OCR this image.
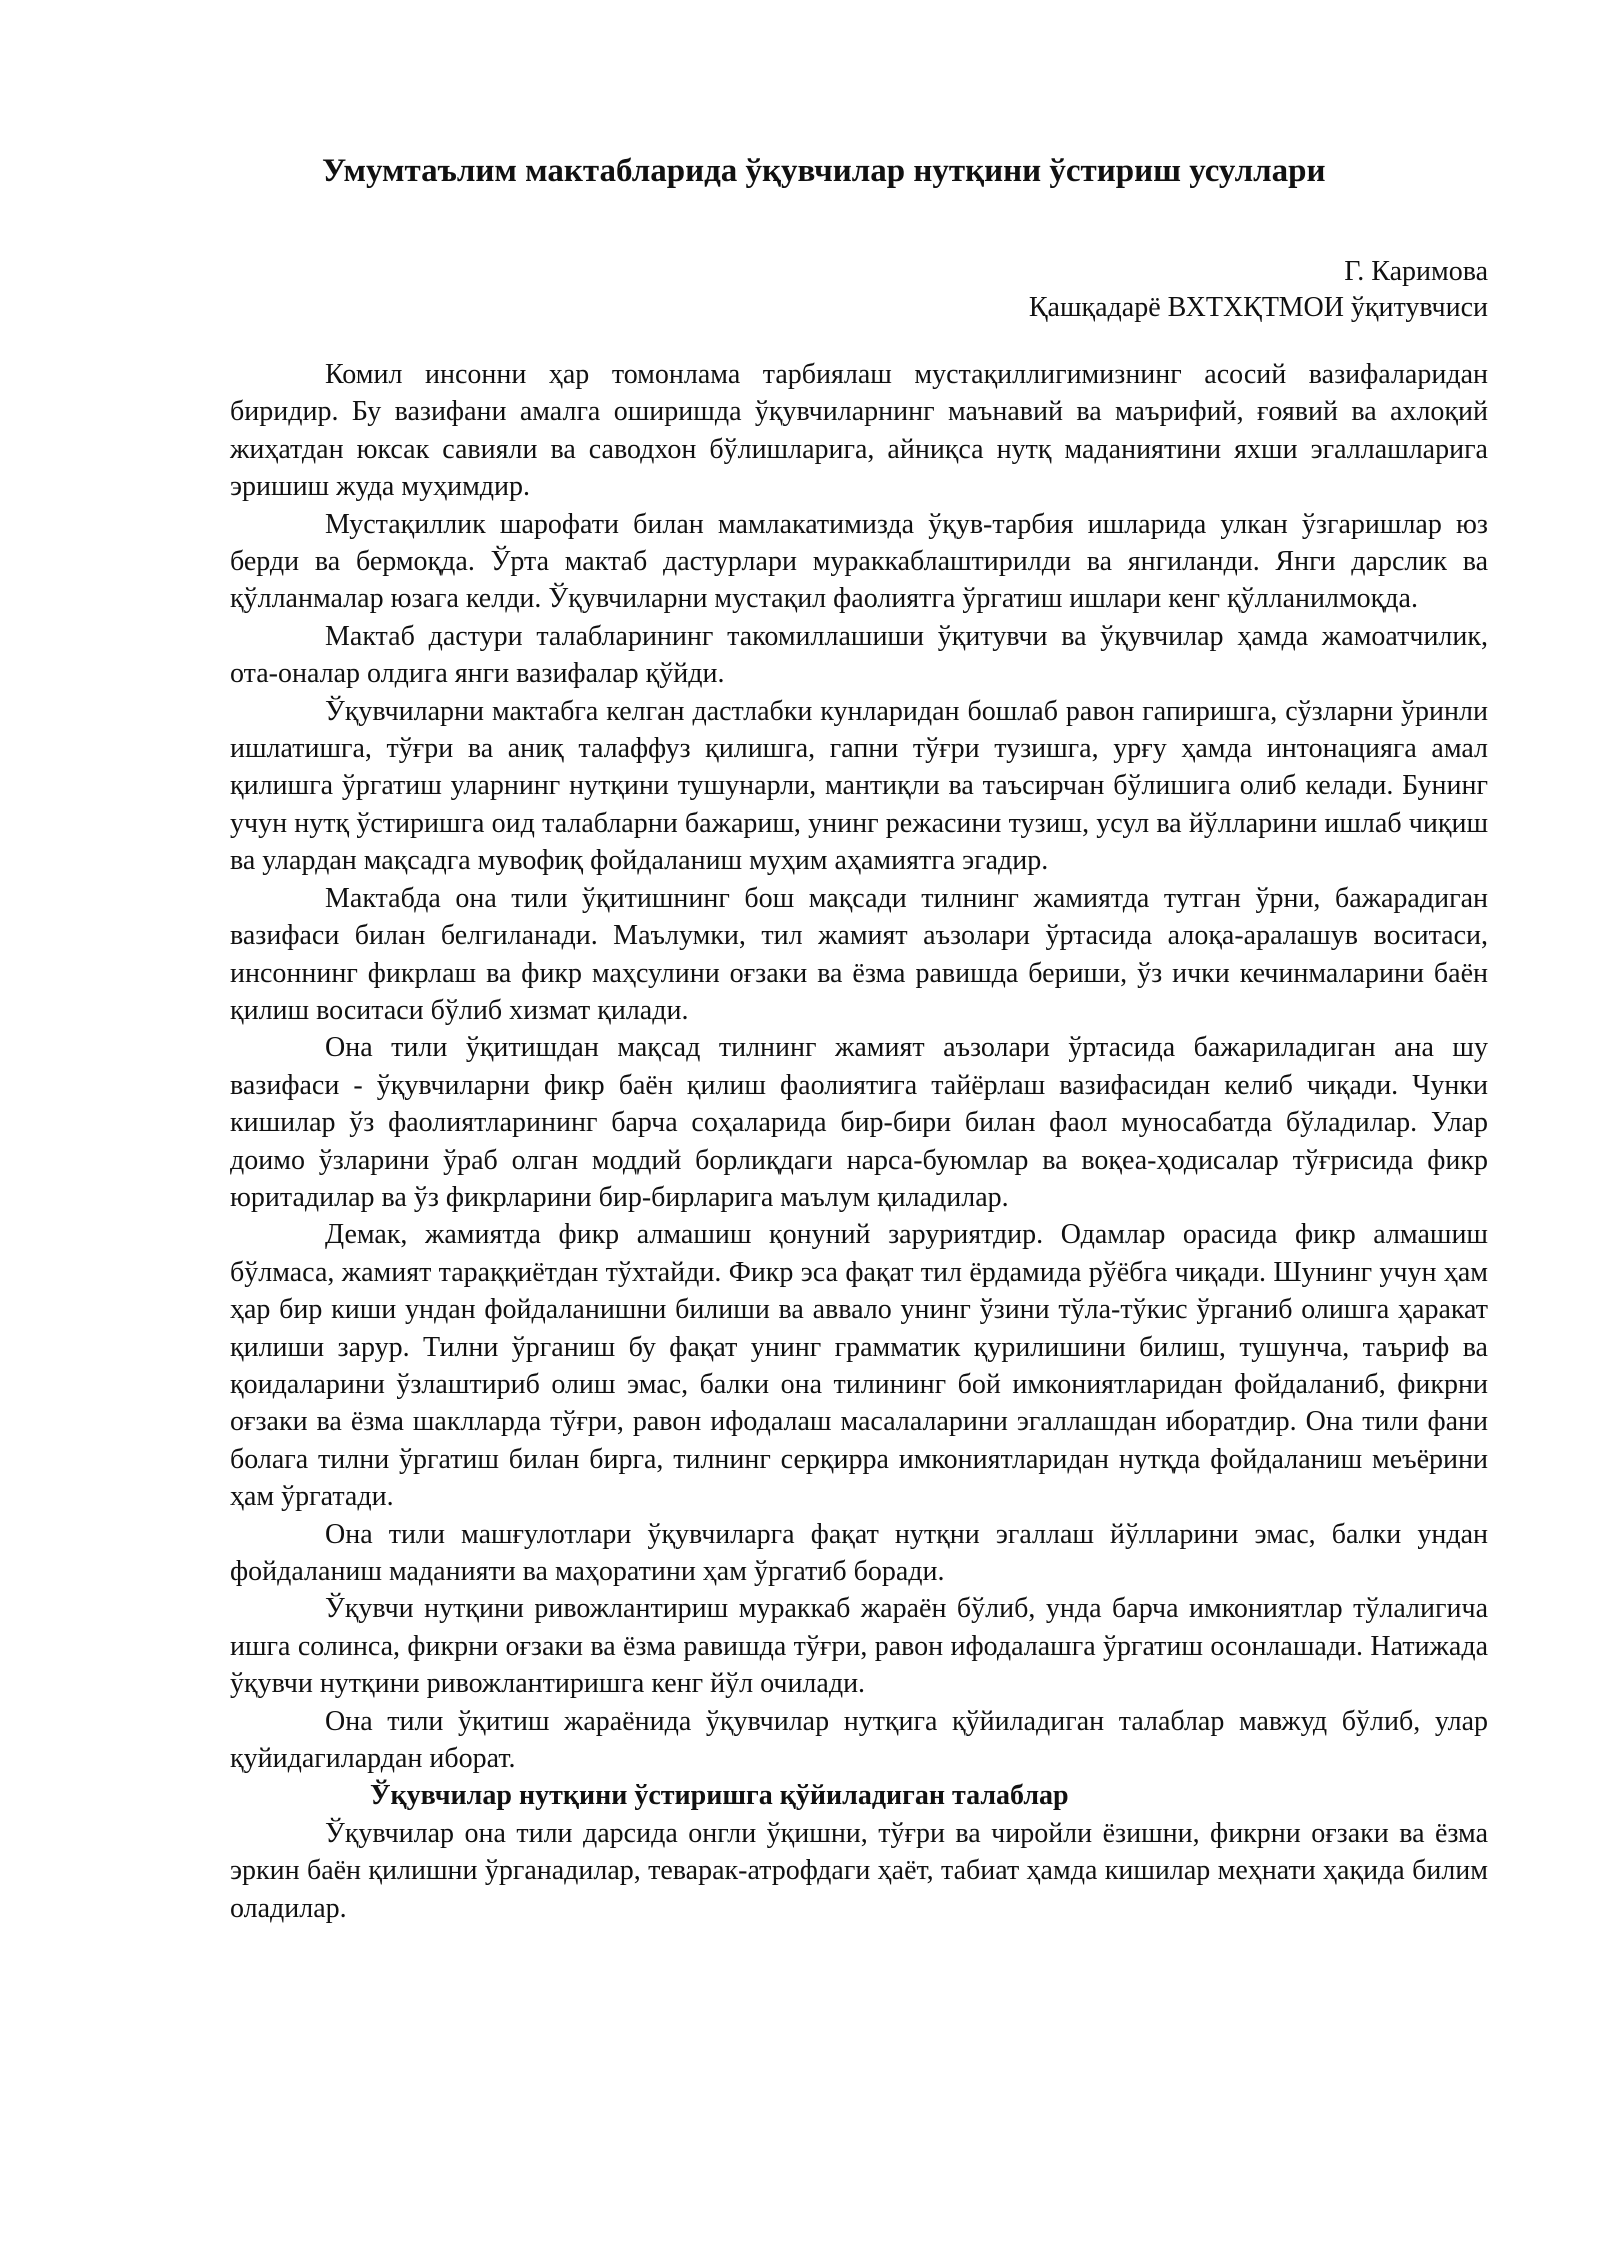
Умумтаълим мактабларида ўқувчилар нутқини ўстириш усуллари
Г. Каримова
Қашқадарё ВХТХҚТМОИ ўқитувчиси

Комил инсонни ҳар томонлама тарбиялаш мустақиллигимизнинг асосий вазифаларидан биридир. Бу вазифани амалга оширишда ўқувчиларнинг маънавий ва маърифий, ғоявий ва ахлоқий жиҳатдан юксак савияли ва саводхон бўлишларига, айниқса нутқ маданиятини яхши эгаллашларига эришиш жуда муҳимдир.

Мустақиллик шарофати билан мамлакатимизда ўқув-тарбия ишларида улкан ўзгаришлар юз берди ва бермоқда. Ўрта мактаб дастурлари мураккаблаштирилди ва янгиланди. Янги дарслик ва қўлланмалар юзага келди. Ўқувчиларни мустақил фаолиятга ўргатиш ишлари кенг қўлланилмоқда.

Мактаб дастури талабларининг такомиллашиши ўқитувчи ва ўқувчилар ҳамда жамоатчилик, ота-оналар олдига янги вазифалар қўйди.

Ўқувчиларни мактабга келган дастлабки кунларидан бошлаб равон гапиришга, сўзларни ўринли ишлатишга, тўғри ва аниқ талаффуз қилишга, гапни тўғри тузишга, урғу ҳамда интонацияга амал қилишга ўргатиш уларнинг нутқини тушунарли, мантиқли ва таъсирчан бўлишига олиб келади. Бунинг учун нутқ ўстиришга оид талабларни бажариш, унинг режасини тузиш, усул ва йўлларини ишлаб чиқиш ва улардан мақсадга мувофиқ фойдаланиш муҳим аҳамиятга эгадир.

Мактабда она тили ўқитишнинг бош мақсади тилнинг жамиятда тутган ўрни, бажарадиган вазифаси билан белгиланади. Маълумки, тил жамият аъзолари ўртасида алоқа-аралашув воситаси, инсоннинг фикрлаш ва фикр маҳсулини оғзаки ва ёзма равишда бериши, ўз ички кечинмаларини баён қилиш воситаси бўлиб хизмат қилади.

Она тили ўқитишдан мақсад тилнинг жамият аъзолари ўртасида бажариладиган ана шу вазифаси - ўқувчиларни фикр баён қилиш фаолиятига тайёрлаш вазифасидан келиб чиқади. Чунки кишилар ўз фаолиятларининг барча соҳаларида бир-бири билан фаол муносабатда бўладилар. Улар доимо ўзларини ўраб олган моддий борлиқдаги нарса-буюмлар ва воқеа-ҳодисалар тўғрисида фикр юритадилар ва ўз фикрларини бир-бирларига маълум қиладилар.

Демак, жамиятда фикр алмашиш қонуний заруриятдир. Одамлар орасида фикр алмашиш бўлмаса, жамият тараққиётдан тўхтайди. Фикр эса фақат тил ёрдамида рўёбга чиқади. Шунинг учун ҳам ҳар бир киши ундан фойдаланишни билиши ва аввало унинг ўзини тўла-тўкис ўрганиб олишга ҳаракат қилиши зарур. Тилни ўрганиш бу фақат унинг грамматик қурилишини билиш, тушунча, таъриф ва қоидаларини ўзлаштириб олиш эмас, балки она тилининг бой имкониятларидан фойдаланиб, фикрни оғзаки ва ёзма шаклларда тўғри, равон ифодалаш масалаларини эгаллашдан иборатдир. Она тили фани болага тилни ўргатиш билан бирга, тилнинг серқирра имкониятларидан нутқда фойдаланиш меъёрини ҳам ўргатади.

Она тили машғулотлари ўқувчиларга фақат нутқни эгаллаш йўлларини эмас, балки ундан фойдаланиш маданияти ва маҳоратини ҳам ўргатиб боради.

Ўқувчи нутқини ривожлантириш мураккаб жараён бўлиб, унда барча имкониятлар тўлалигича ишга солинса, фикрни оғзаки ва ёзма равишда тўғри, равон ифодалашга ўргатиш осонлашади. Натижада ўқувчи нутқини ривожлантиришга кенг йўл очилади.

Она тили ўқитиш жараёнида ўқувчилар нутқига қўйиладиган талаблар мавжуд бўлиб, улар қуйидагилардан иборат.

Ўқувчилар нутқини ўстиришга қўйиладиган талаблар

Ўқувчилар она тили дарсида онгли ўқишни, тўғри ва чиройли ёзишни, фикрни оғзаки ва ёзма эркин баён қилишни ўрганадилар, теварак-атрофдаги ҳаёт, табиат ҳамда кишилар меҳнати ҳақида билим оладилар.
